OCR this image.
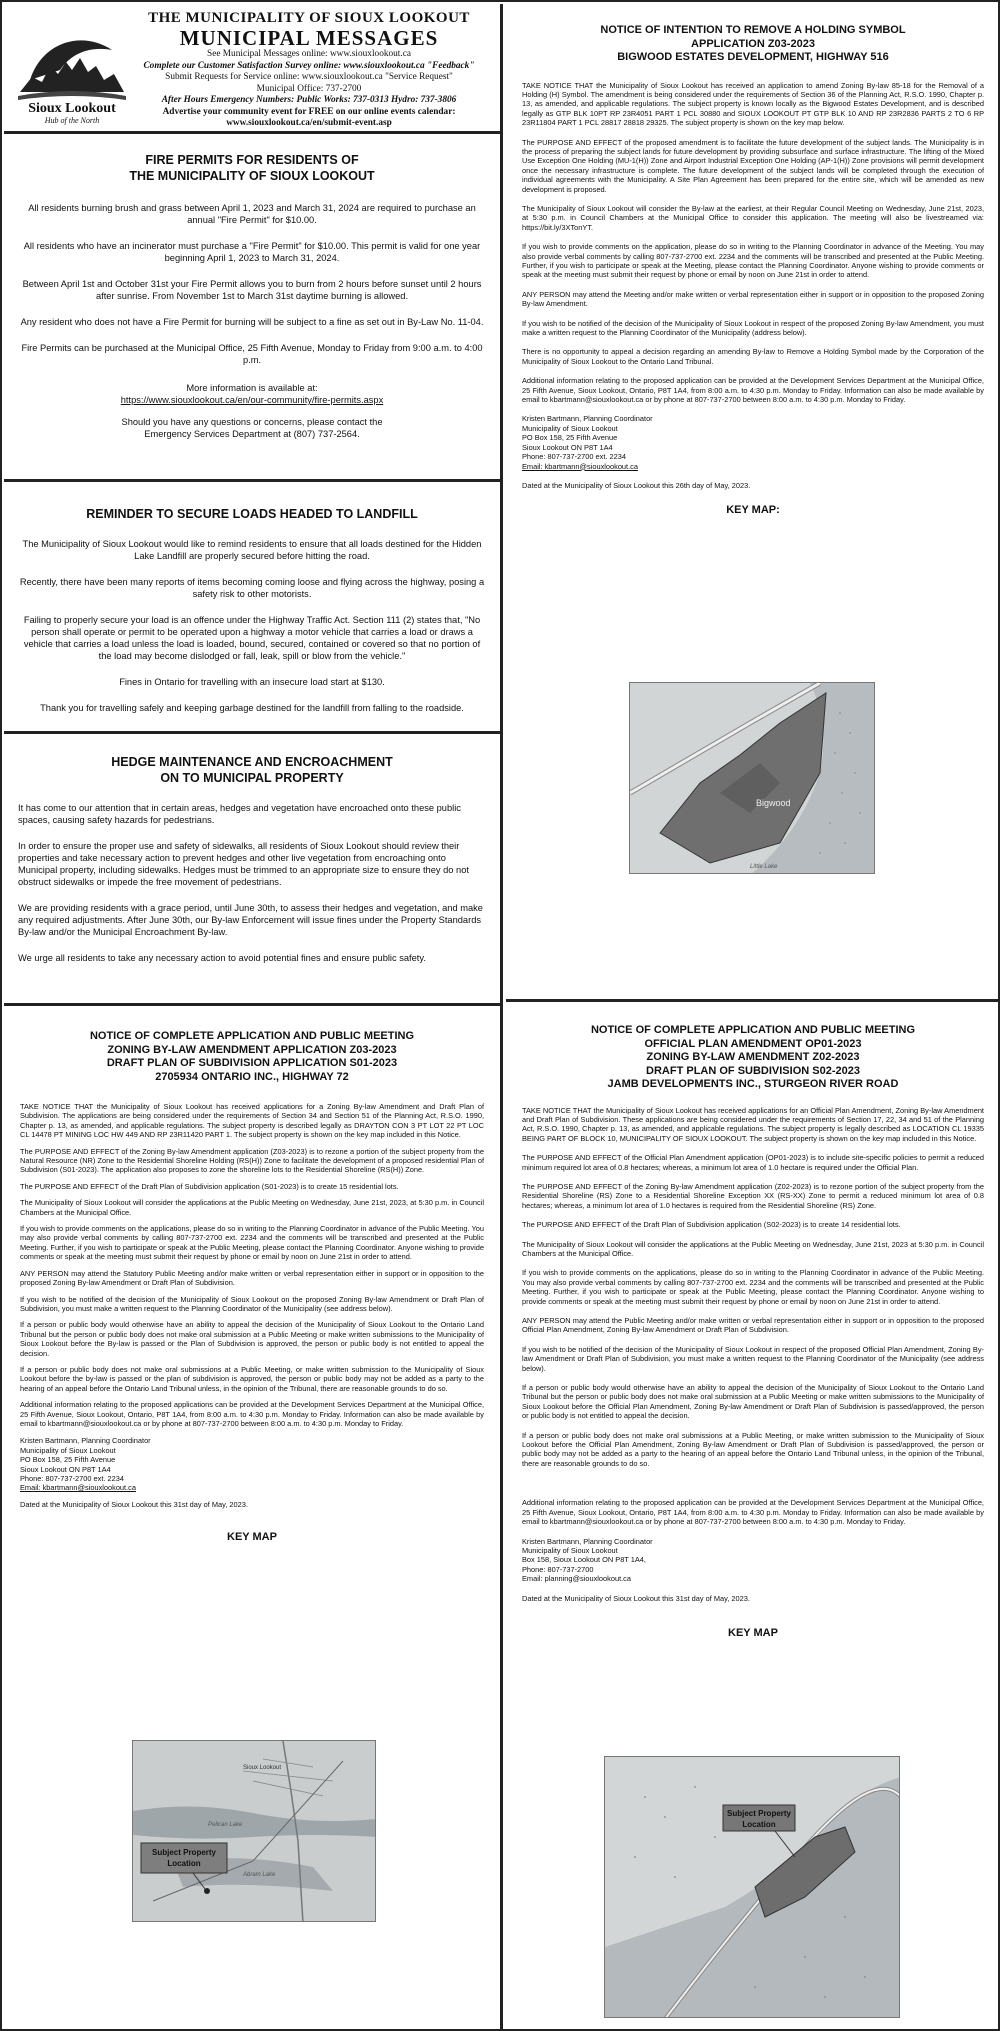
Sioux Lookout
Hub of the North
THE MUNICIPALITY OF SIOUX LOOKOUT
MUNICIPAL MESSAGES
See Municipal Messages online: www.siouxlookout.ca
Complete our Customer Satisfaction Survey online: www.siouxlookout.ca "Feedback"
Submit Requests for Service online: www.siouxlookout.ca "Service Request"
Municipal Office: 737-2700
After Hours Emergency Numbers: Public Works: 737-0313 Hydro: 737-3806
Advertise your community event for FREE on our online events calendar:
www.siouxlookout.ca/en/submit-event.asp
FIRE PERMITS FOR RESIDENTS OF
THE MUNICIPALITY OF SIOUX LOOKOUT

All residents burning brush and grass between April 1, 2023 and March 31, 2024 are required to purchase an annual "Fire Permit" for $10.00.

All residents who have an incinerator must purchase a "Fire Permit" for $10.00. This permit is valid for one year beginning April 1, 2023 to March 31, 2024.

Between April 1st and October 31st your Fire Permit allows you to burn from 2 hours before sunset until 2 hours after sunrise. From November 1st to March 31st daytime burning is allowed.

Any resident who does not have a Fire Permit for burning will be subject to a fine as set out in By-Law No. 11-04.

Fire Permits can be purchased at the Municipal Office, 25 Fifth Avenue, Monday to Friday from 9:00 a.m. to 4:00 p.m.

More information is available at:

https://www.siouxlookout.ca/en/our-community/fire-permits.aspx

Should you have any questions or concerns, please contact the

Emergency Services Department at (807) 737-2564.

REMINDER TO SECURE LOADS HEADED TO LANDFILL

The Municipality of Sioux Lookout would like to remind residents to ensure that all loads destined for the Hidden Lake Landfill are properly secured before hitting the road.

Recently, there have been many reports of items becoming coming loose and flying across the highway, posing a safety risk to other motorists.

Failing to properly secure your load is an offence under the Highway Traffic Act. Section 111 (2) states that, "No person shall operate or permit to be operated upon a highway a motor vehicle that carries a load or draws a vehicle that carries a load unless the load is loaded, bound, secured, contained or covered so that no portion of the load may become dislodged or fall, leak, spill or blow from the vehicle."

Fines in Ontario for travelling with an insecure load start at $130.

Thank you for travelling safely and keeping garbage destined for the landfill from falling to the roadside.

HEDGE MAINTENANCE AND ENCROACHMENT
ON TO MUNICIPAL PROPERTY

It has come to our attention that in certain areas, hedges and vegetation have encroached onto these public spaces, causing safety hazards for pedestrians.

In order to ensure the proper use and safety of sidewalks, all residents of Sioux Lookout should review their properties and take necessary action to prevent hedges and other live vegetation from encroaching onto Municipal property, including sidewalks. Hedges must be trimmed to an appropriate size to ensure they do not obstruct sidewalks or impede the free movement of pedestrians.

We are providing residents with a grace period, until June 30th, to assess their hedges and vegetation, and make any required adjustments. After June 30th, our By-law Enforcement will issue fines under the Property Standards By-law and/or the Municipal Encroachment By-law.

We urge all residents to take any necessary action to avoid potential fines and ensure public safety.

NOTICE OF COMPLETE APPLICATION AND PUBLIC MEETING
ZONING BY-LAW AMENDMENT APPLICATION Z03-2023
DRAFT PLAN OF SUBDIVISION APPLICATION S01-2023
2705934 ONTARIO INC., HIGHWAY 72

TAKE NOTICE THAT the Municipality of Sioux Lookout has received applications for a Zoning By-law Amendment and Draft Plan of Subdivision. The applications are being considered under the requirements of Section 34 and Section 51 of the Planning Act, R.S.O. 1990, Chapter p. 13, as amended, and applicable regulations. The subject property is described legally as DRAYTON CON 3 PT LOT 22 PT LOC CL 14478 PT MINING LOC HW 449 AND RP 23R11420 PART 1. The subject property is shown on the key map included in this Notice.

The PURPOSE AND EFFECT of the Zoning By-law Amendment application (Z03-2023) is to rezone a portion of the subject property from the Natural Resource (NR) Zone to the Residential Shoreline Holding (RS(H)) Zone to facilitate the development of a proposed residential Plan of Subdivision (S01-2023). The application also proposes to zone the shoreline lots to the Residential Shoreline (RS(H)) Zone.

The PURPOSE AND EFFECT of the Draft Plan of Subdivision application (S01-2023) is to create 15 residential lots.

The Municipality of Sioux Lookout will consider the applications at the Public Meeting on Wednesday, June 21st, 2023, at 5:30 p.m. in Council Chambers at the Municipal Office.

If you wish to provide comments on the applications, please do so in writing to the Planning Coordinator in advance of the Public Meeting. You may also provide verbal comments by calling 807-737-2700 ext. 2234 and the comments will be transcribed and presented at the Public Meeting. Further, if you wish to participate or speak at the Public Meeting, please contact the Planning Coordinator. Anyone wishing to provide comments or speak at the meeting must submit their request by phone or email by noon on June 21st in order to attend.

ANY PERSON may attend the Statutory Public Meeting and/or make written or verbal representation either in support or in opposition to the proposed Zoning By-law Amendment or Draft Plan of Subdivision.

If you wish to be notified of the decision of the Municipality of Sioux Lookout on the proposed Zoning By-law Amendment or Draft Plan of Subdivision, you must make a written request to the Planning Coordinator of the Municipality (see address below).

If a person or public body would otherwise have an ability to appeal the decision of the Municipality of Sioux Lookout to the Ontario Land Tribunal but the person or public body does not make oral submission at a Public Meeting or make written submissions to the Municipality of Sioux Lookout before the By-law is passed or the Plan of Subdivision is approved, the person or public body is not entitled to appeal the decision.

If a person or public body does not make oral submissions at a Public Meeting, or make written submission to the Municipality of Sioux Lookout before the by-law is passed or the plan of subdivision is approved, the person or public body may not be added as a party to the hearing of an appeal before the Ontario Land Tribunal unless, in the opinion of the Tribunal, there are reasonable grounds to do so.

Additional information relating to the proposed applications can be provided at the Development Services Department at the Municipal Office, 25 Fifth Avenue, Sioux Lookout, Ontario, P8T 1A4, from 8:00 a.m. to 4:30 p.m. Monday to Friday. Information can also be made available by email to kbartmann@siouxlookout.ca or by phone at 807-737-2700 between 8:00 a.m. to 4:30 p.m. Monday to Friday.

Kristen Bartmann, Planning Coordinator
Municipality of Sioux Lookout
PO Box 158, 25 Fifth Avenue
Sioux Lookout ON P8T 1A4
Phone: 807-737-2700 ext. 2234
Email: kbartmann@siouxlookout.ca

Dated at the Municipality of Sioux Lookout this 31st day of May, 2023.

KEY MAP
Sioux Lookout
Pelican Lake
Abram Lake
Subject Property
Location
NOTICE OF INTENTION TO REMOVE A HOLDING SYMBOL
APPLICATION Z03-2023
BIGWOOD ESTATES DEVELOPMENT, HIGHWAY 516

TAKE NOTICE THAT the Municipality of Sioux Lookout has received an application to amend Zoning By-law 85-18 for the Removal of a Holding (H) Symbol. The amendment is being considered under the requirements of Section 36 of the Planning Act, R.S.O. 1990, Chapter p. 13, as amended, and applicable regulations. The subject property is known locally as the Bigwood Estates Development, and is described legally as GTP BLK 10PT RP 23R4051 PART 1 PCL 30880 and SIOUX LOOKOUT PT GTP BLK 10 AND RP 23R2836 PARTS 2 TO 6 RP 23R11804 PART 1 PCL 28817 28818 29325. The subject property is shown on the key map below.

The PURPOSE AND EFFECT of the proposed amendment is to facilitate the future development of the subject lands. The Municipality is in the process of preparing the subject lands for future development by providing subsurface and surface infrastructure. The lifting of the Mixed Use Exception One Holding (MU-1(H)) Zone and Airport Industrial Exception One Holding (AP-1(H)) Zone provisions will permit development once the necessary infrastructure is complete. The future development of the subject lands will be completed through the execution of individual agreements with the Municipality. A Site Plan Agreement has been prepared for the entire site, which will be amended as new development is proposed.

The Municipality of Sioux Lookout will consider the By-law at the earliest, at their Regular Council Meeting on Wednesday, June 21st, 2023, at 5:30 p.m. in Council Chambers at the Municipal Office to consider this application. The meeting will also be livestreamed via: https://bit.ly/3XTonYT.

If you wish to provide comments on the application, please do so in writing to the Planning Coordinator in advance of the Meeting. You may also provide verbal comments by calling 807-737-2700 ext. 2234 and the comments will be transcribed and presented at the Public Meeting. Further, if you wish to participate or speak at the Meeting, please contact the Planning Coordinator. Anyone wishing to provide comments or speak at the meeting must submit their request by phone or email by noon on June 21st in order to attend.

ANY PERSON may attend the Meeting and/or make written or verbal representation either in support or in opposition to the proposed Zoning By-law Amendment.

If you wish to be notified of the decision of the Municipality of Sioux Lookout in respect of the proposed Zoning By-law Amendment, you must make a written request to the Planning Coordinator of the Municipality (address below).

There is no opportunity to appeal a decision regarding an amending By-law to Remove a Holding Symbol made by the Corporation of the Municipality of Sioux Lookout to the Ontario Land Tribunal.

Additional information relating to the proposed application can be provided at the Development Services Department at the Municipal Office, 25 Fifth Avenue, Sioux Lookout, Ontario, P8T 1A4, from 8:00 a.m. to 4:30 p.m. Monday to Friday. Information can also be made available by email to kbartmann@siouxlookout.ca or by phone at 807-737-2700 between 8:00 a.m. to 4:30 p.m. Monday to Friday.

Kristen Bartmann, Planning Coordinator
Municipality of Sioux Lookout
PO Box 158, 25 Fifth Avenue
Sioux Lookout ON P8T 1A4
Phone: 807-737-2700 ext. 2234
Email: kbartmann@siouxlookout.ca

Dated at the Municipality of Sioux Lookout this 26th day of May, 2023.

KEY MAP:
Bigwood
Little Lake
NOTICE OF COMPLETE APPLICATION AND PUBLIC MEETING
OFFICIAL PLAN AMENDMENT OP01-2023
ZONING BY-LAW AMENDMENT Z02-2023
DRAFT PLAN OF SUBDIVISION S02-2023
JAMB DEVELOPMENTS INC., STURGEON RIVER ROAD

TAKE NOTICE THAT the Municipality of Sioux Lookout has received applications for an Official Plan Amendment, Zoning By-law Amendment and Draft Plan of Subdivision. These applications are being considered under the requirements of Section 17, 22, 34 and 51 of the Planning Act, R.S.O. 1990, Chapter p. 13, as amended, and applicable regulations. The subject property is legally described as LOCATION CL 19335 BEING PART OF BLOCK 10, MUNICIPALITY OF SIOUX LOOKOUT. The subject property is shown on the key map included in this Notice.

The PURPOSE AND EFFECT of the Official Plan Amendment application (OP01-2023) is to include site-specific policies to permit a reduced minimum required lot area of 0.8 hectares; whereas, a minimum lot area of 1.0 hectare is required under the Official Plan.

The PURPOSE AND EFFECT of the Zoning By-law Amendment application (Z02-2023) is to rezone portion of the subject property from the Residential Shoreline (RS) Zone to a Residential Shoreline Exception XX (RS-XX) Zone to permit a reduced minimum lot area of 0.8 hectares; whereas, a minimum lot area of 1.0 hectares is required from the Residential Shoreline (RS) Zone.

The PURPOSE AND EFFECT of the Draft Plan of Subdivision application (S02-2023) is to create 14 residential lots.

The Municipality of Sioux Lookout will consider the applications at the Public Meeting on Wednesday, June 21st, 2023 at 5:30 p.m. in Council Chambers at the Municipal Office.

If you wish to provide comments on the applications, please do so in writing to the Planning Coordinator in advance of the Public Meeting. You may also provide verbal comments by calling 807-737-2700 ext. 2234 and the comments will be transcribed and presented at the Public Meeting. Further, if you wish to participate or speak at the Public Meeting, please contact the Planning Coordinator. Anyone wishing to provide comments or speak at the meeting must submit their request by phone or email by noon on June 21st in order to attend.

ANY PERSON may attend the Public Meeting and/or make written or verbal representation either in support or in opposition to the proposed Official Plan Amendment, Zoning By-law Amendment or Draft Plan of Subdivision.

If you wish to be notified of the decision of the Municipality of Sioux Lookout in respect of the proposed Official Plan Amendment, Zoning By-law Amendment or Draft Plan of Subdivision, you must make a written request to the Planning Coordinator of the Municipality (see address below).

If a person or public body would otherwise have an ability to appeal the decision of the Municipality of Sioux Lookout to the Ontario Land Tribunal but the person or public body does not make oral submission at a Public Meeting or make written submissions to the Municipality of Sioux Lookout before the Official Plan Amendment, Zoning By-law Amendment or Draft Plan of Subdivision is passed/approved, the person or public body is not entitled to appeal the decision.

If a person or public body does not make oral submissions at a Public Meeting, or make written submission to the Municipality of Sioux Lookout before the Official Plan Amendment, Zoning By-law Amendment or Draft Plan of Subdivision is passed/approved, the person or public body may not be added as a party to the hearing of an appeal before the Ontario Land Tribunal unless, in the opinion of the Tribunal, there are reasonable grounds to do so.

Additional information relating to the proposed application can be provided at the Development Services Department at the Municipal Office, 25 Fifth Avenue, Sioux Lookout, Ontario, P8T 1A4, from 8:00 a.m. to 4:30 p.m. Monday to Friday. Information can also be made available by email to kbartmann@siouxlookout.ca or by phone at 807-737-2700 between 8:00 a.m. to 4:30 p.m. Monday to Friday.

Kristen Bartmann, Planning Coordinator
Municipality of Sioux Lookout
Box 158, Sioux Lookout ON P8T 1A4,
Phone: 807-737-2700
Email: planning@siouxlookout.ca

Dated at the Municipality of Sioux Lookout this 31st day of May, 2023.

KEY MAP
Subject Property
Location
